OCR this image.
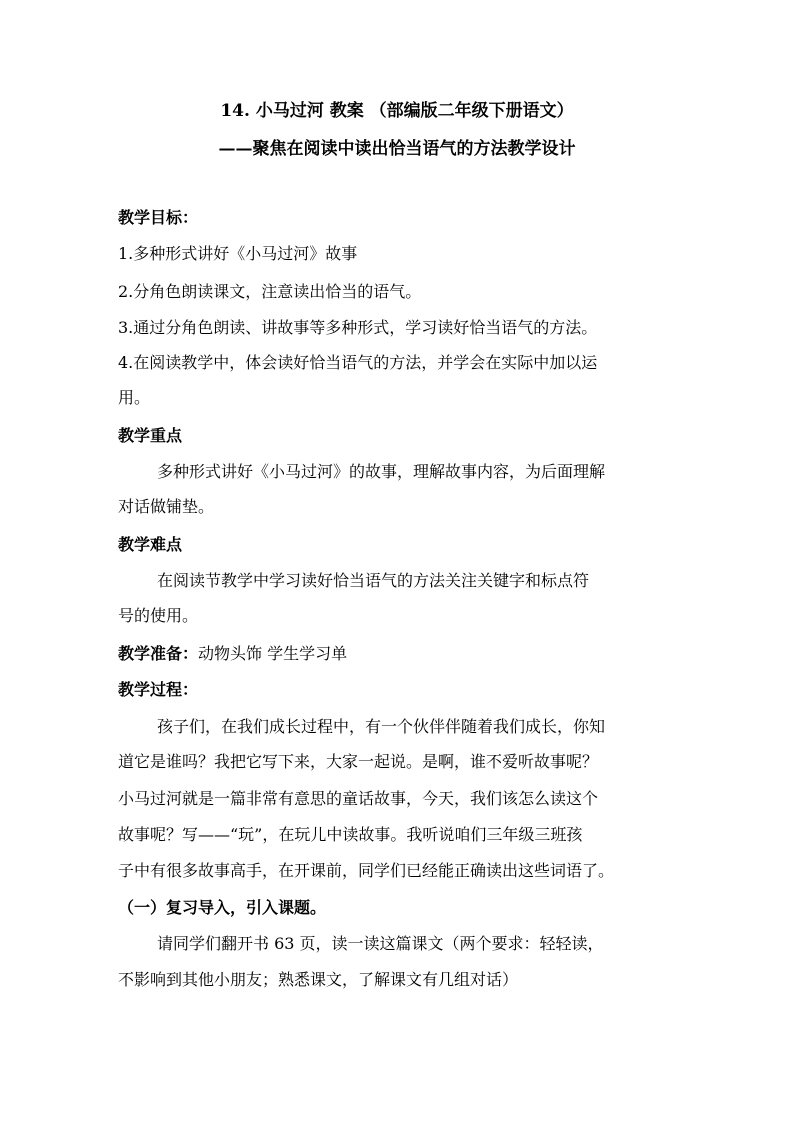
14. 小马过河 教案 （部编版二年级下册语文）
——聚焦在阅读中读出恰当语气的方法教学设计
教学目标：
1.多种形式讲好《小马过河》故事
2.分角色朗读课文，注意读出恰当的语气。
3.通过分角色朗读、讲故事等多种形式，学习读好恰当语气的方法。
4.在阅读教学中，体会读好恰当语气的方法，并学会在实际中加以运
用。
教学重点
多种形式讲好《小马过河》的故事，理解故事内容，为后面理解
对话做铺垫。
教学难点
在阅读节教学中学习读好恰当语气的方法关注关键字和标点符
号的使用。
教学准备：动物头饰 学生学习单
教学过程：
孩子们，在我们成长过程中，有一个伙伴伴随着我们成长，你知
道它是谁吗？我把它写下来，大家一起说。是啊，谁不爱听故事呢？
小马过河就是一篇非常有意思的童话故事，今天，我们该怎么读这个
故事呢？写——“玩”，在玩儿中读故事。我听说咱们三年级三班孩
子中有很多故事高手，在开课前，同学们已经能正确读出这些词语了。
（一）复习导入，引入课题。
请同学们翻开书 63 页，读一读这篇课文（两个要求：轻轻读，
不影响到其他小朋友；熟悉课文，了解课文有几组对话）
